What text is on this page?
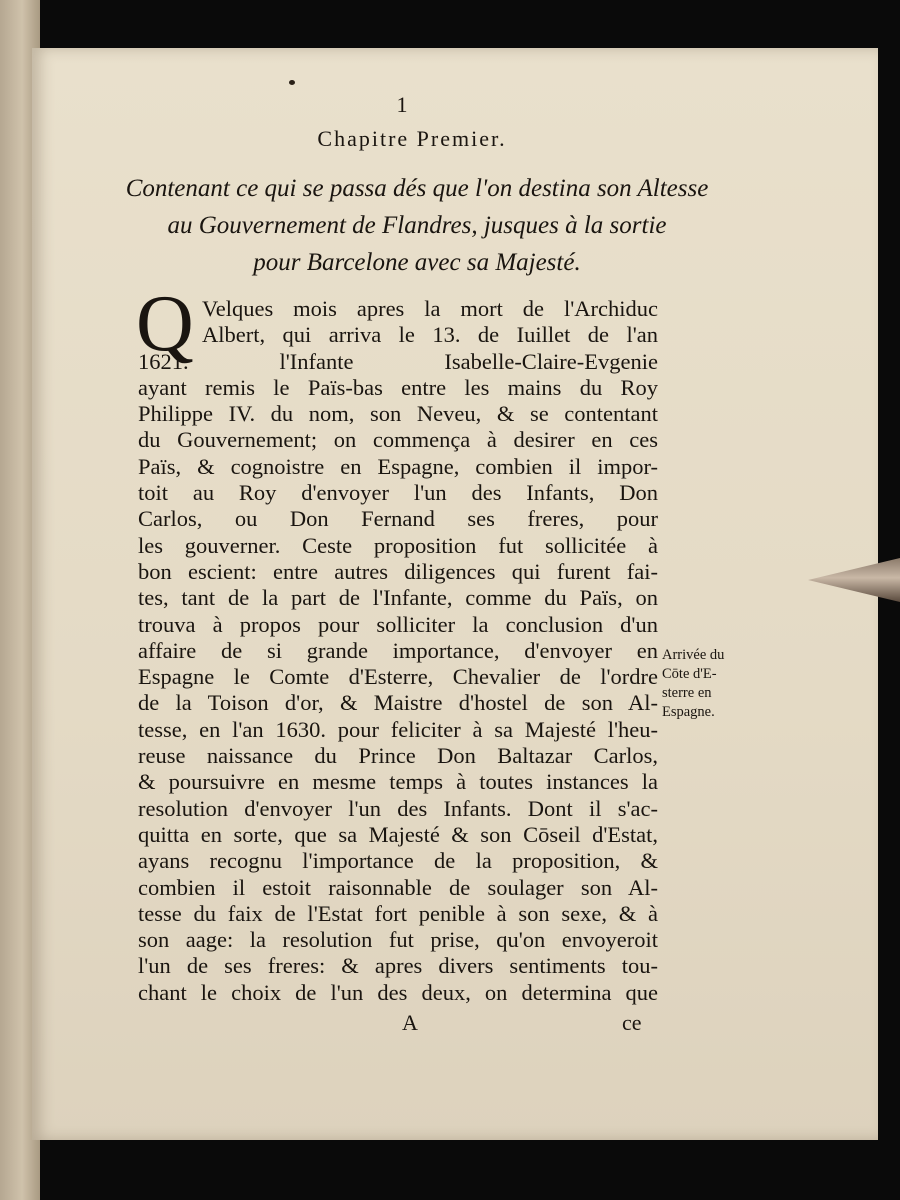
1
Chapitre Premier.
Contenant ce qui se passa dés que l'on destina son Altesse
au Gouvernement de Flandres, jusques à la sortie
pour Barcelone avec sa Majesté.
Q Velques mois apres la mort de l'Archiduc
Albert, qui arriva le 13. de Iuillet de l'an
1621. l'Infante Isabelle-Claire-Evgenie
ayant remis le Païs-bas entre les mains du Roy
Philippe IV. du nom, son Neveu, & se contentant
du Gouvernement; on commença à desirer en ces
Païs, & cognoistre en Espagne, combien il impor-
toit au Roy d'envoyer l'un des Infants, Don
Carlos, ou Don Fernand ses freres, pour
les gouverner. Ceste proposition fut sollicitée à
bon escient: entre autres diligences qui furent fai-
tes, tant de la part de l'Infante, comme du Païs, on
trouva à propos pour solliciter la conclusion d'un
affaire de si grande importance, d'envoyer en
Espagne le Comte d'Esterre, Chevalier de l'ordre
de la Toison d'or, & Maistre d'hostel de son Al-
tesse, en l'an 1630. pour feliciter à sa Majesté l'heu-
reuse naissance du Prince Don Baltazar Carlos,
& poursuivre en mesme temps à toutes instances la
resolution d'envoyer l'un des Infants. Dont il s'ac-
quitta en sorte, que sa Majesté & son Cōseil d'Estat,
ayans recognu l'importance de la proposition, &
combien il estoit raisonnable de soulager son Al-
tesse du faix de l'Estat fort penible à son sexe, & à
son aage: la resolution fut prise, qu'on envoyeroit
l'un de ses freres: & apres divers sentiments tou-
chant le choix de l'un des deux, on determina que
Arrivée du
Cōte d'E-
sterre en
Espagne.
A	ce
